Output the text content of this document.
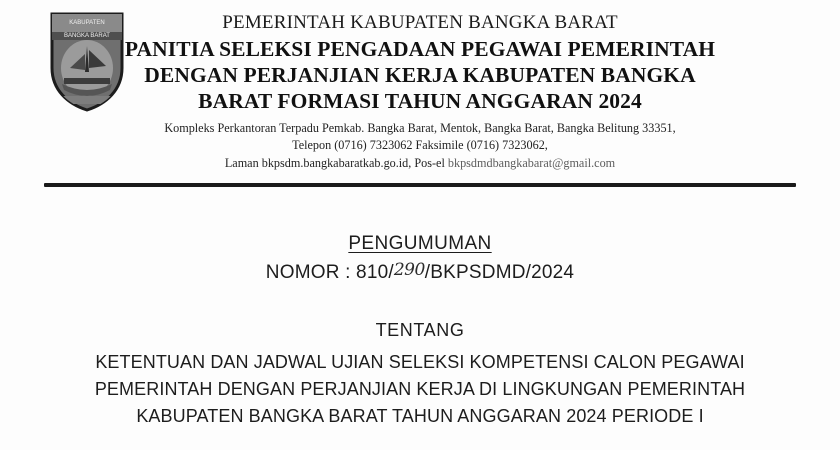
KABUPATEN
BANGKA BARAT
PEMERINTAH KABUPATEN BANGKA BARAT
PANITIA SELEKSI PENGADAAN PEGAWAI PEMERINTAH
DENGAN PERJANJIAN KERJA KABUPATEN BANGKA
BARAT FORMASI TAHUN ANGGARAN 2024
Kompleks Perkantoran Terpadu Pemkab. Bangka Barat, Mentok, Bangka Barat, Bangka Belitung 33351,
Telepon (0716) 7323062 Faksimile (0716) 7323062,
Laman bkpsdm.bangkabaratkab.go.id, Pos-el bkpsdmdbangkabarat@gmail.com
PENGUMUMAN
NOMOR : 810/290/BKPSDMD/2024
TENTANG
KETENTUAN DAN JADWAL UJIAN SELEKSI KOMPETENSI CALON PEGAWAI
PEMERINTAH DENGAN PERJANJIAN KERJA DI LINGKUNGAN PEMERINTAH
KABUPATEN BANGKA BARAT TAHUN ANGGARAN 2024 PERIODE I
